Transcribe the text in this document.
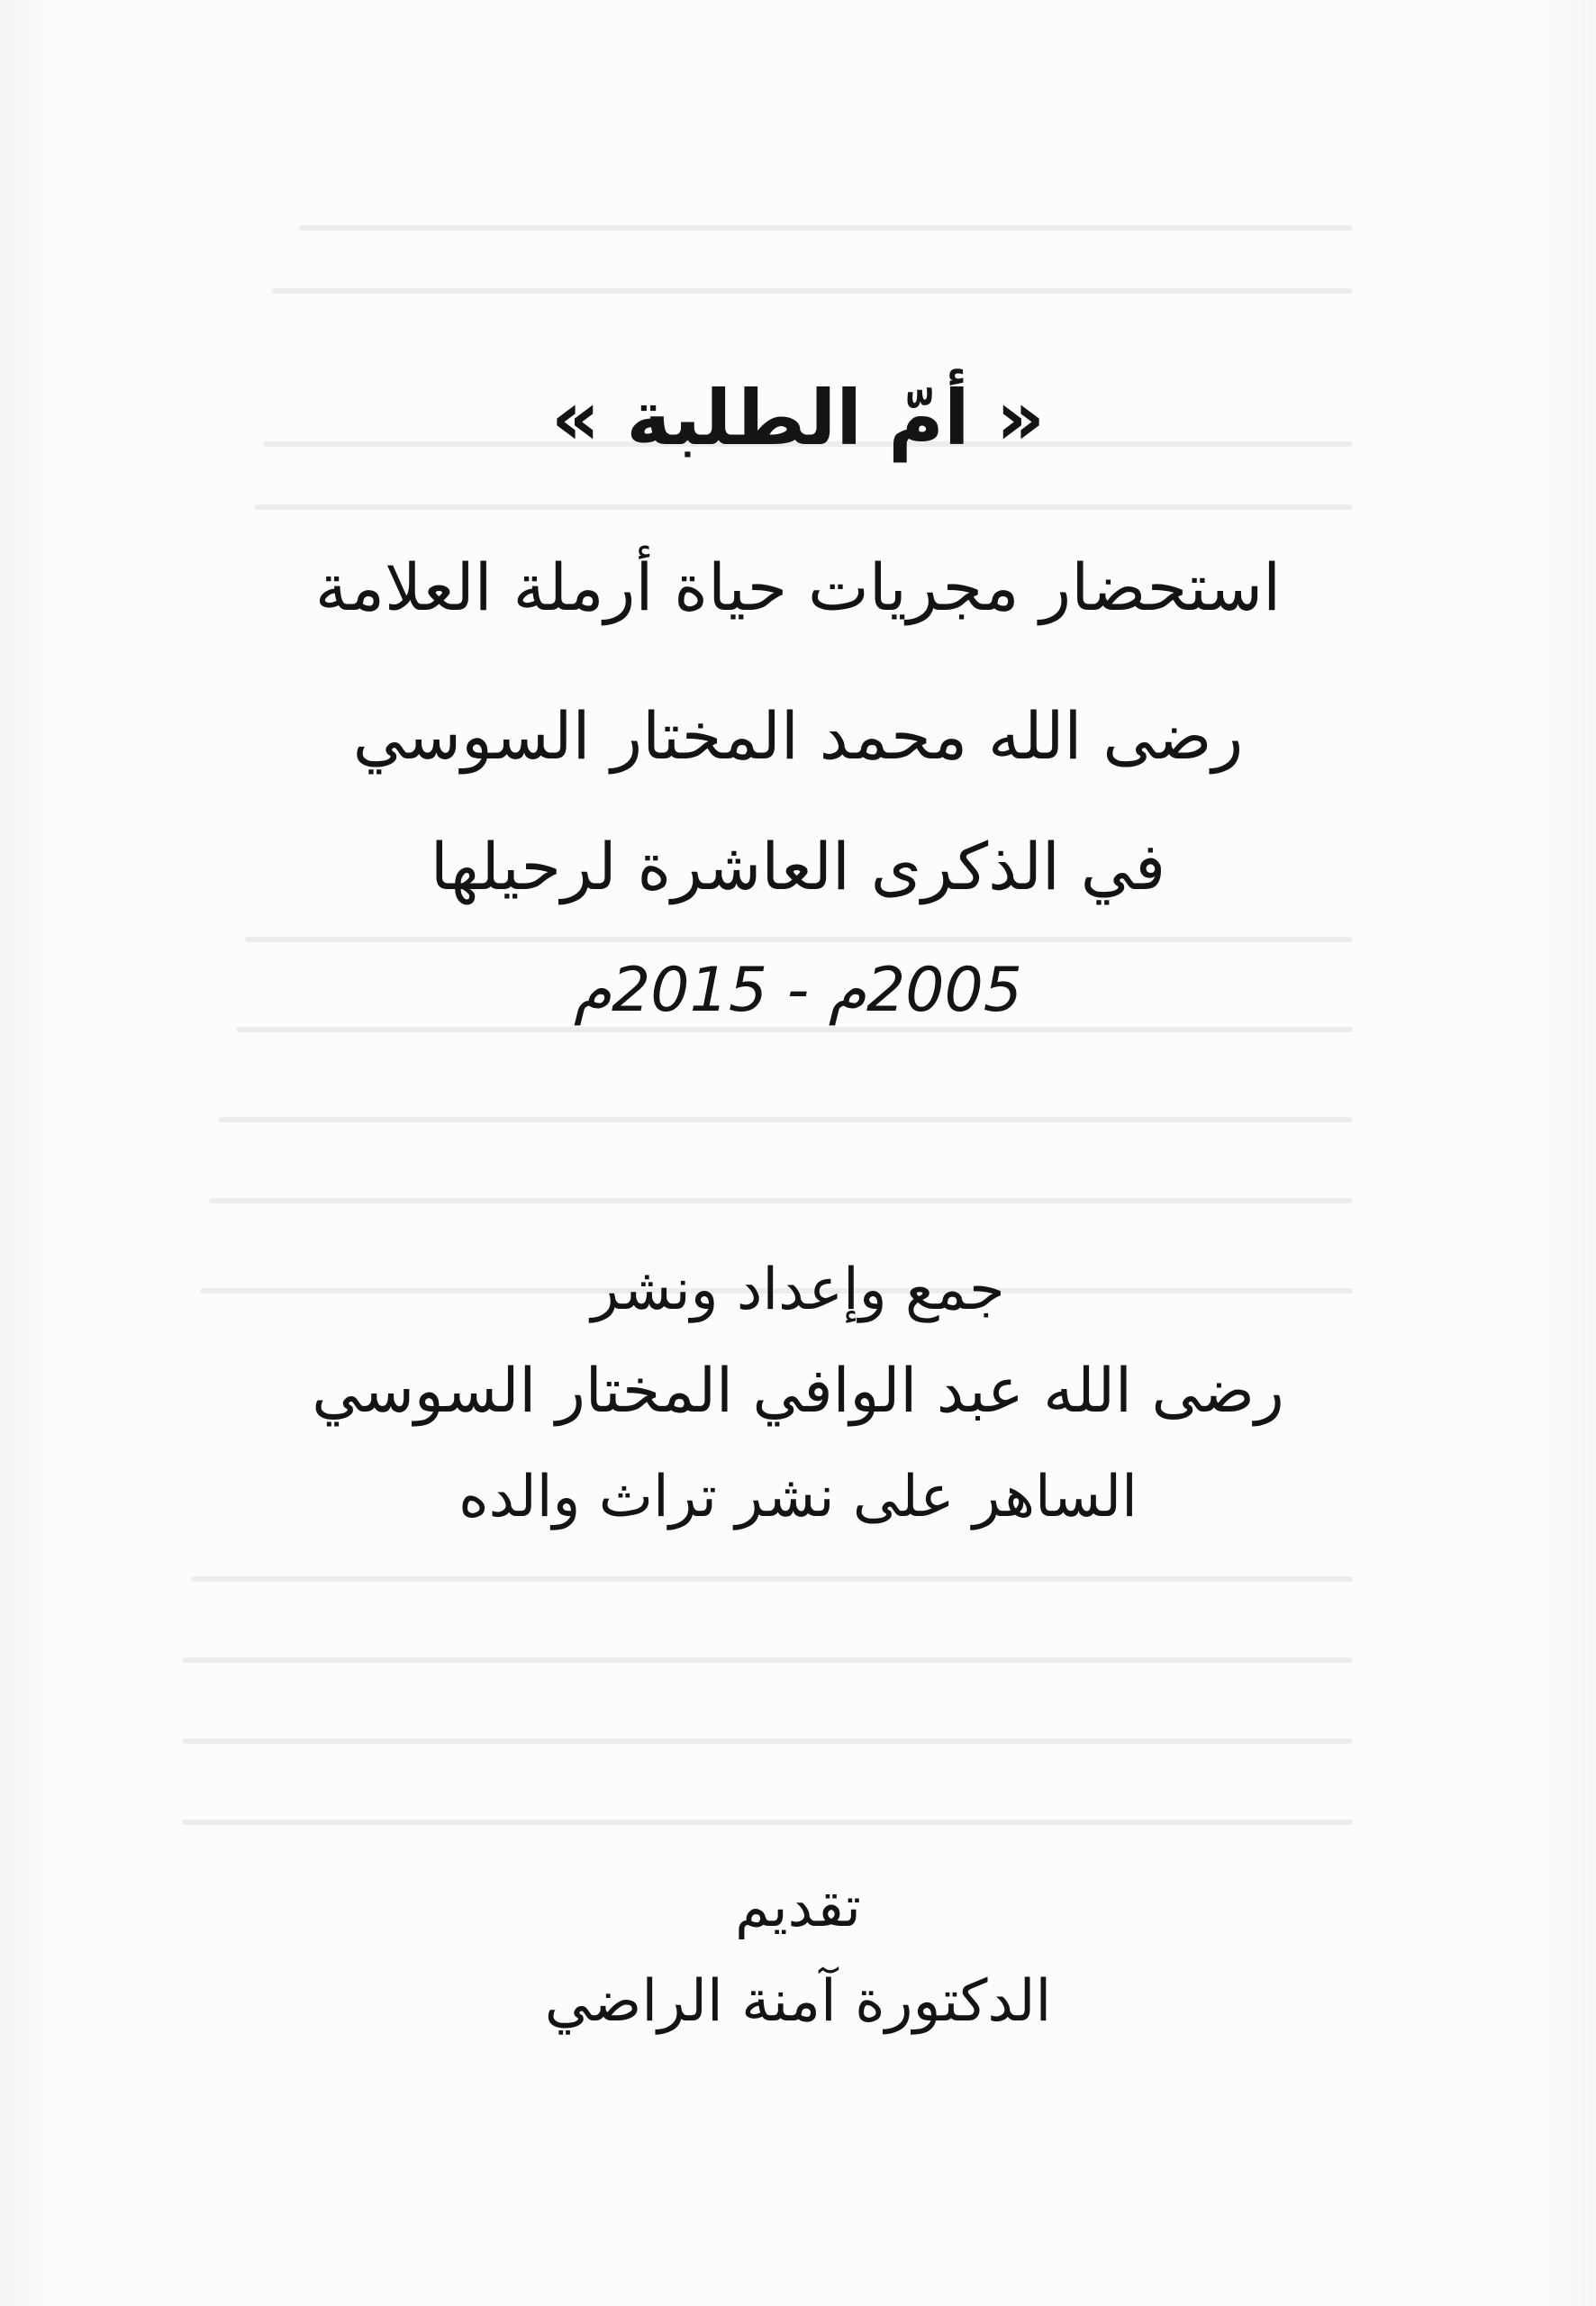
« أمّ الطلبة »
استحضار مجريات حياة أرملة العلامة
رضى الله محمد المختار السوسي
في الذكرى العاشرة لرحيلها
2005م - 2015م
جمع وإعداد ونشر
رضى الله عبد الوافي المختار السوسي
الساهر على نشر تراث والده
تقديم
الدكتورة آمنة الراضي
